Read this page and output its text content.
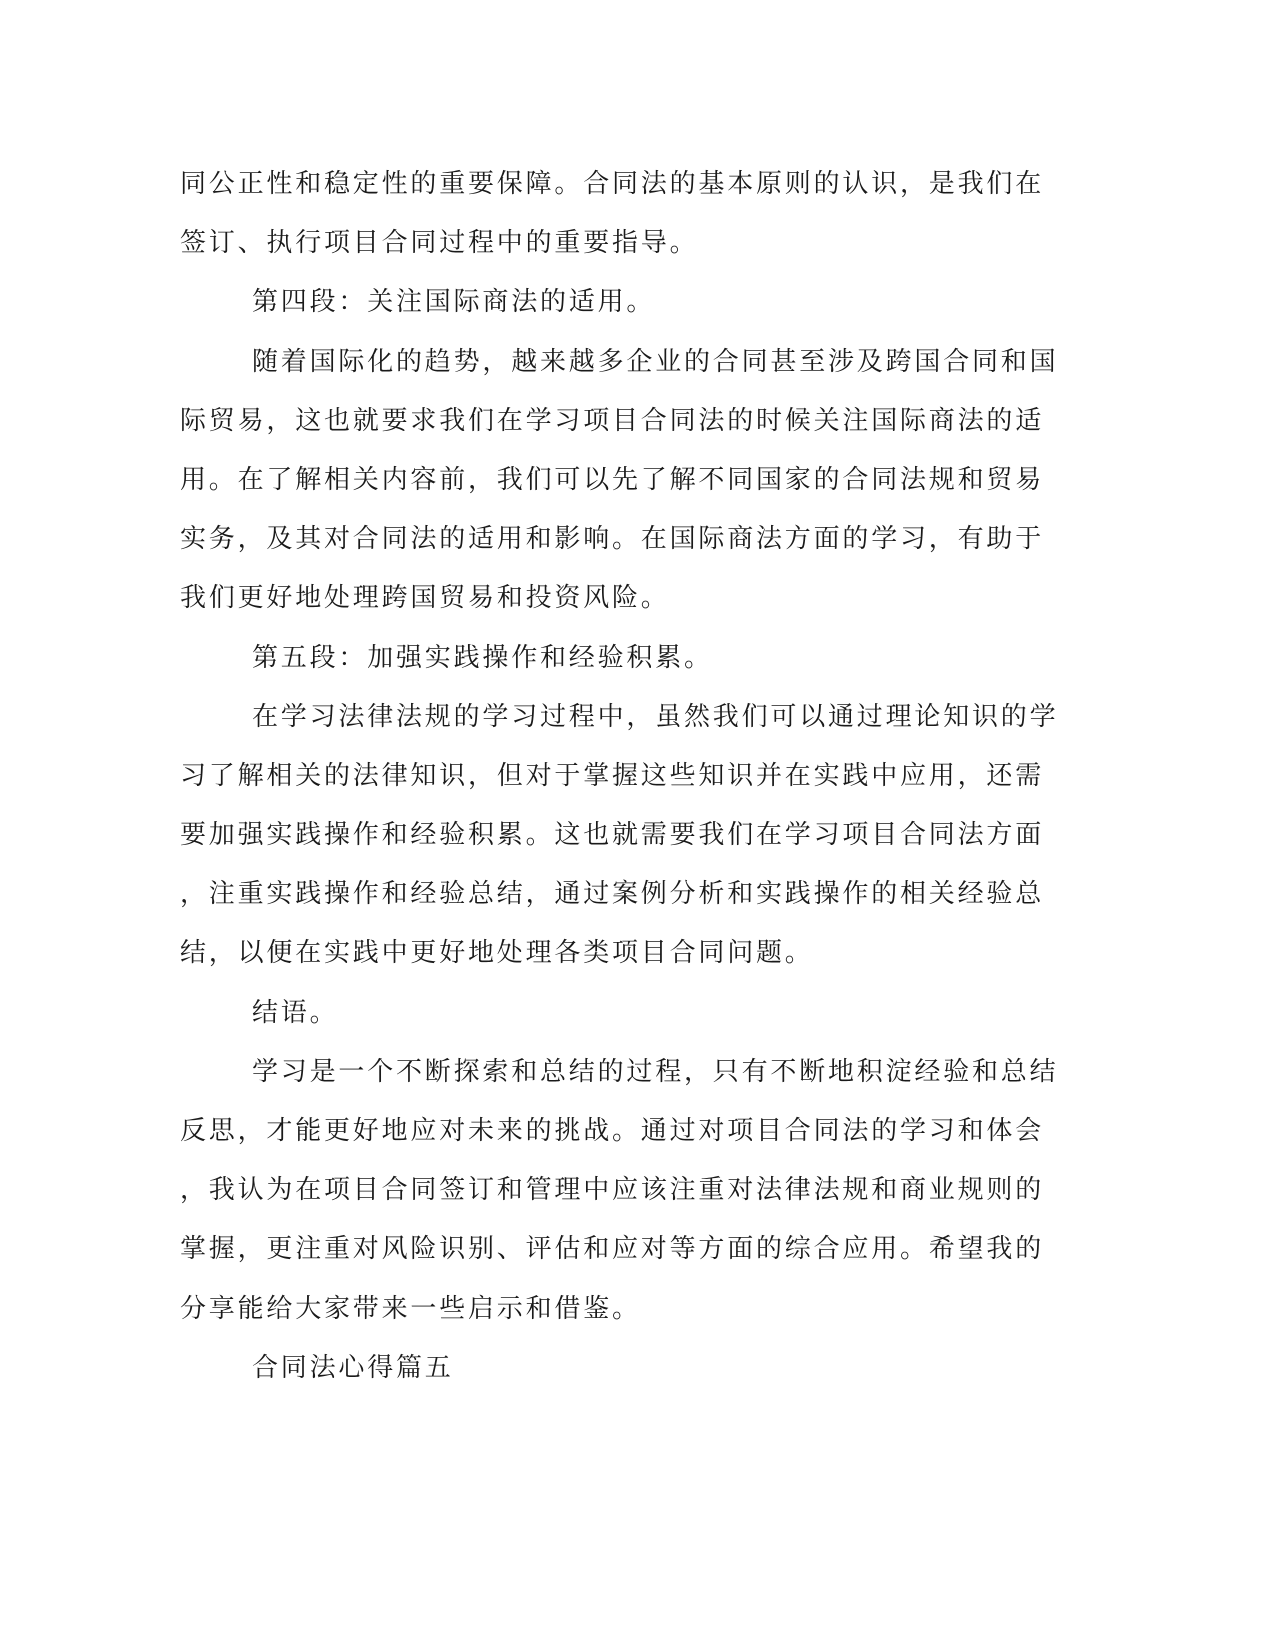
同公正性和稳定性的重要保障。合同法的基本原则的认识，是我们在
签订、执行项目合同过程中的重要指导。
第四段：关注国际商法的适用。
随着国际化的趋势，越来越多企业的合同甚至涉及跨国合同和国
际贸易，这也就要求我们在学习项目合同法的时候关注国际商法的适
用。在了解相关内容前，我们可以先了解不同国家的合同法规和贸易
实务，及其对合同法的适用和影响。在国际商法方面的学习，有助于
我们更好地处理跨国贸易和投资风险。
第五段：加强实践操作和经验积累。
在学习法律法规的学习过程中，虽然我们可以通过理论知识的学
习了解相关的法律知识，但对于掌握这些知识并在实践中应用，还需
要加强实践操作和经验积累。这也就需要我们在学习项目合同法方面
，注重实践操作和经验总结，通过案例分析和实践操作的相关经验总
结，以便在实践中更好地处理各类项目合同问题。
结语。
学习是一个不断探索和总结的过程，只有不断地积淀经验和总结
反思，才能更好地应对未来的挑战。通过对项目合同法的学习和体会
，我认为在项目合同签订和管理中应该注重对法律法规和商业规则的
掌握，更注重对风险识别、评估和应对等方面的综合应用。希望我的
分享能给大家带来一些启示和借鉴。
合同法心得篇五
